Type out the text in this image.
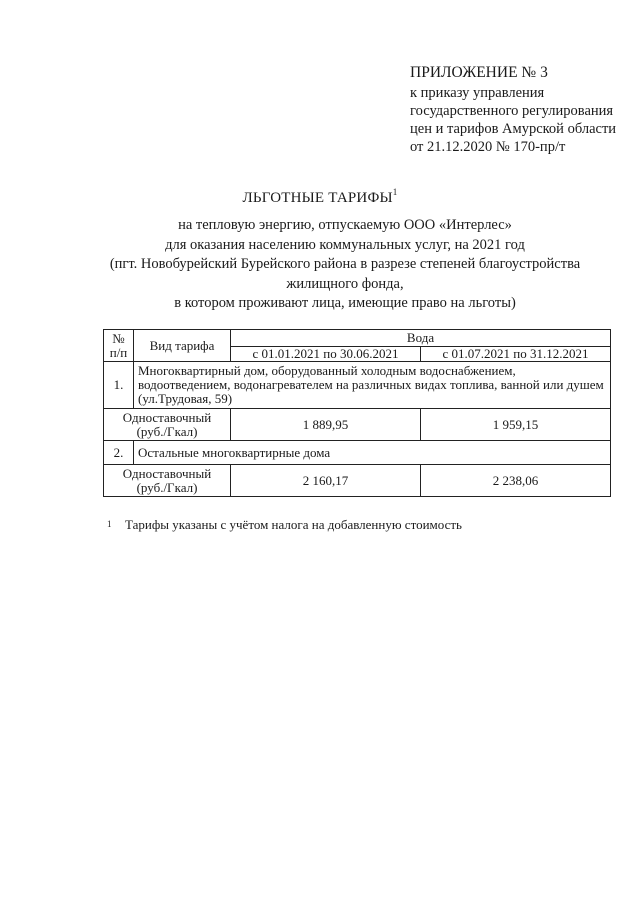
ПРИЛОЖЕНИЕ № 3
к приказу управления
государственного регулирования
цен и тарифов Амурской области
от 21.12.2020 № 170-пр/т
ЛЬГОТНЫЕ ТАРИФЫ$^1$
на тепловую энергию, отпускаемую ООО «Интерлес»
для оказания населению коммунальных услуг, на 2021 год
(пгт. Новобурейский Бурейского района в разрезе степеней благоустройства
жилищного фонда,
в котором проживают лица, имеющие право на льготы)
№
п/п	Вид тарифа	Вода	
		с 01.01.2021 по 30.06.2021	с 01.07.2021 по 31.12.2021
1.	Многоквартирный дом, оборудованный холодным водоснабжением, водоотведением, водонагревателем на различных видах топлива, ванной или душем (ул.Трудовая, 59)		

Одноставочный
(руб./Гкал)		1 889,95	1 959,15
2.	Остальные многоквартирные дома		

Одноставочный
(руб./Гкал)		2 160,17	2 238,06
1 Тарифы указаны с учётом налога на добавленную стоимость
